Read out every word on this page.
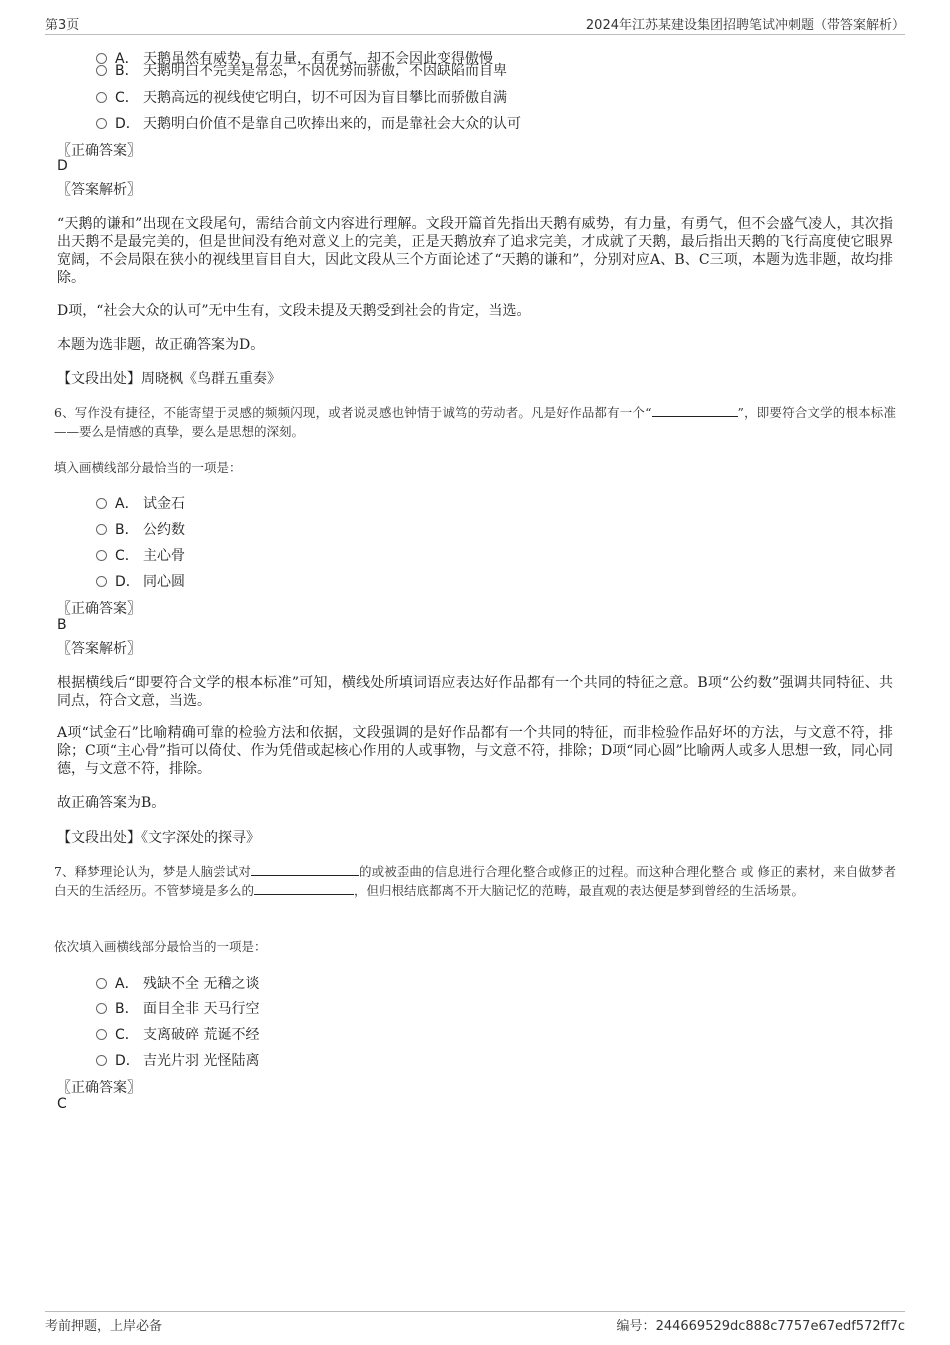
第3页	2024年江苏某建设集团招聘笔试冲刺题（带答案解析）
A． 天鹅虽然有威势，有力量，有勇气，却不会因此变得傲慢
B． 天鹅明白不完美是常态，不因优势而骄傲，不因缺陷而自卑
C． 天鹅高远的视线使它明白，切不可因为盲目攀比而骄傲自满
D． 天鹅明白价值不是靠自己吹捧出来的，而是靠社会大众的认可
〖正确答案〗
D
〖答案解析〗
“天鹅的谦和”出现在文段尾句，需结合前文内容进行理解。文段开篇首先指出天鹅有威势，有力量，有勇气，但不会盛气凌人，其次指出天鹅不是最完美的，但是世间没有绝对意义上的完美，正是天鹅放弃了追求完美，才成就了天鹅，最后指出天鹅的飞行高度使它眼界宽阔，不会局限在狭小的视线里盲目自大，因此文段从三个方面论述了“天鹅的谦和”，分别对应A、B、C三项，本题为选非题，故均排除。
D项，“社会大众的认可”无中生有，文段未提及天鹅受到社会的肯定，当选。
本题为选非题，故正确答案为D。
【文段出处】周晓枫《鸟群五重奏》
6、写作没有捷径，不能寄望于灵感的频频闪现，或者说灵感也钟情于诚笃的劳动者。凡是好作品都有一个“	”，即要符合文学的根本标准——要么是情感的真挚，要么是思想的深刻。
填入画横线部分最恰当的一项是：
A． 试金石
B． 公约数
C． 主心骨
D． 同心圆
〖正确答案〗
B
〖答案解析〗
根据横线后“即要符合文学的根本标准”可知，横线处所填词语应表达好作品都有一个共同的特征之意。B项“公约数”强调共同特征、共同点，符合文意，当选。
A项“试金石”比喻精确可靠的检验方法和依据，文段强调的是好作品都有一个共同的特征，而非检验作品好坏的方法，与文意不符，排除；C项“主心骨”指可以倚仗、作为凭借或起核心作用的人或事物，与文意不符，排除；D项“同心圆”比喻两人或多人思想一致，同心同德，与文意不符，排除。
故正确答案为B。
【文段出处】《文字深处的探寻》
7、释梦理论认为，梦是人脑尝试对	的或被歪曲的信息进行合理化整合或修正的过程。而这种合理化整合 或 修正的素材，来自做梦者白天的生活经历。不管梦境是多么的	，但归根结底都离不开大脑记忆的范畴，最直观的表达便是梦到曾经的生活场景。
依次填入画横线部分最恰当的一项是：
A． 残缺不全 无稽之谈
B． 面目全非 天马行空
C． 支离破碎 荒诞不经
D． 吉光片羽 光怪陆离
〖正确答案〗
C
考前押题，上岸必备	编号：244669529dc888c7757e67edf572ff7c
